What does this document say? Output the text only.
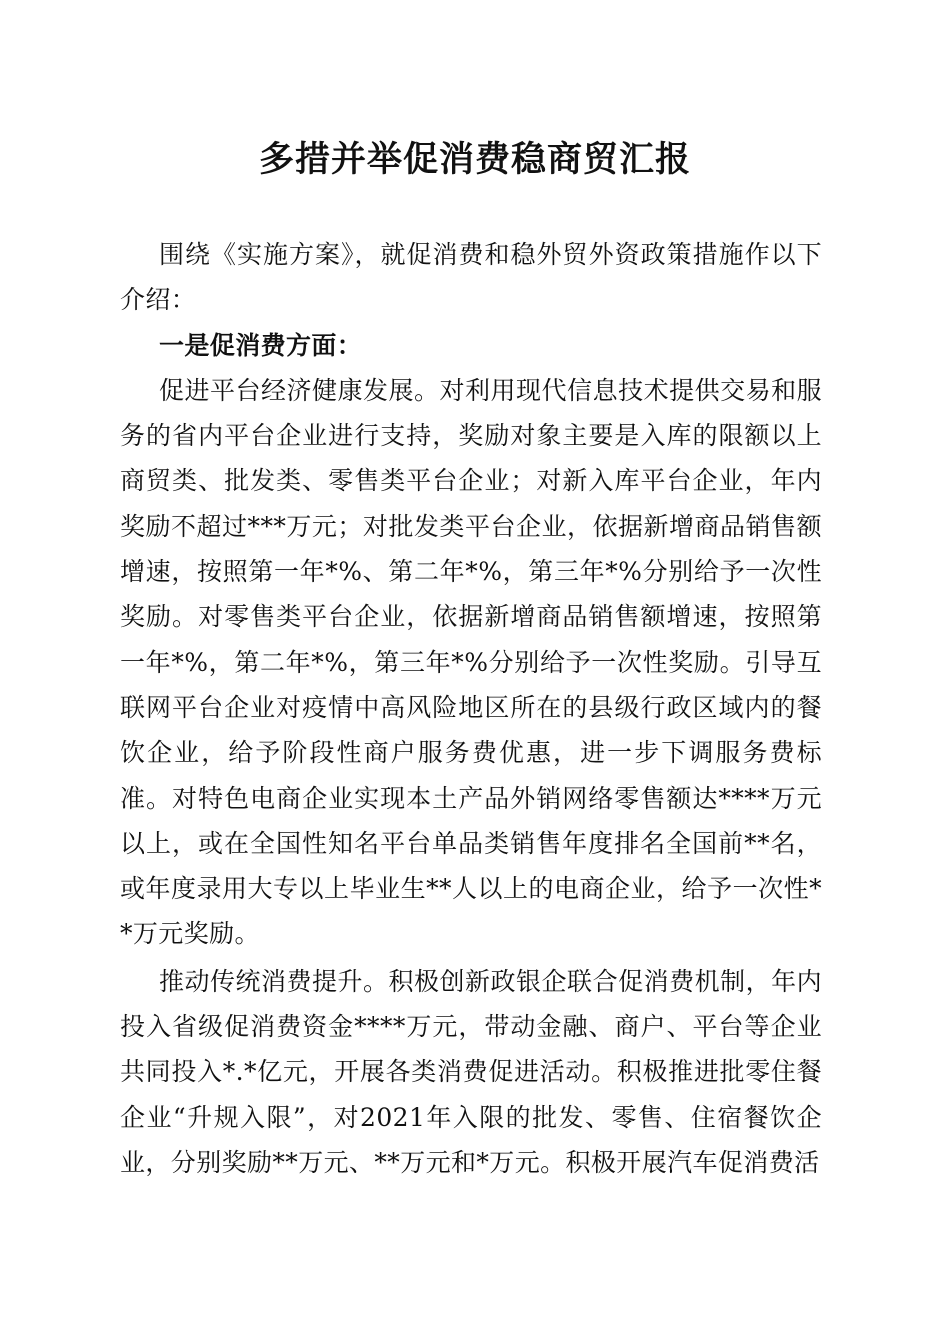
多措并举促消费稳商贸汇报

围绕《实施方案》，就促消费和稳外贸外资政策措施作以下介绍：

一是促消费方面：

促进平台经济健康发展。对利用现代信息技术提供交易和服务的省内平台企业进行支持，奖励对象主要是入库的限额以上商贸类、批发类、零售类平台企业；对新入库平台企业，年内奖励不超过***万元；对批发类平台企业，依据新增商品销售额增速，按照第一年*%、第二年*%，第三年*%分别给予一次性奖励。对零售类平台企业，依据新增商品销售额增速，按照第一年*%，第二年*%，第三年*%分别给予一次性奖励。引导互联网平台企业对疫情中高风险地区所在的县级行政区域内的餐饮企业，给予阶段性商户服务费优惠，进一步下调服务费标准。对特色电商企业实现本土产品外销网络零售额达****万元以上，或在全国性知名平台单品类销售年度排名全国前**名，或年度录用大专以上毕业生**人以上的电商企业，给予一次性**万元奖励。

推动传统消费提升。积极创新政银企联合促消费机制，年内投入省级促消费资金****万元，带动金融、商户、平台等企业共同投入*.*亿元，开展各类消费促进活动。积极推进批零住餐企业“升规入限”，对2021年入限的批发、零售、住宿餐饮企业，分别奖励**万元、**万元和*万元。积极开展汽车促消费活
